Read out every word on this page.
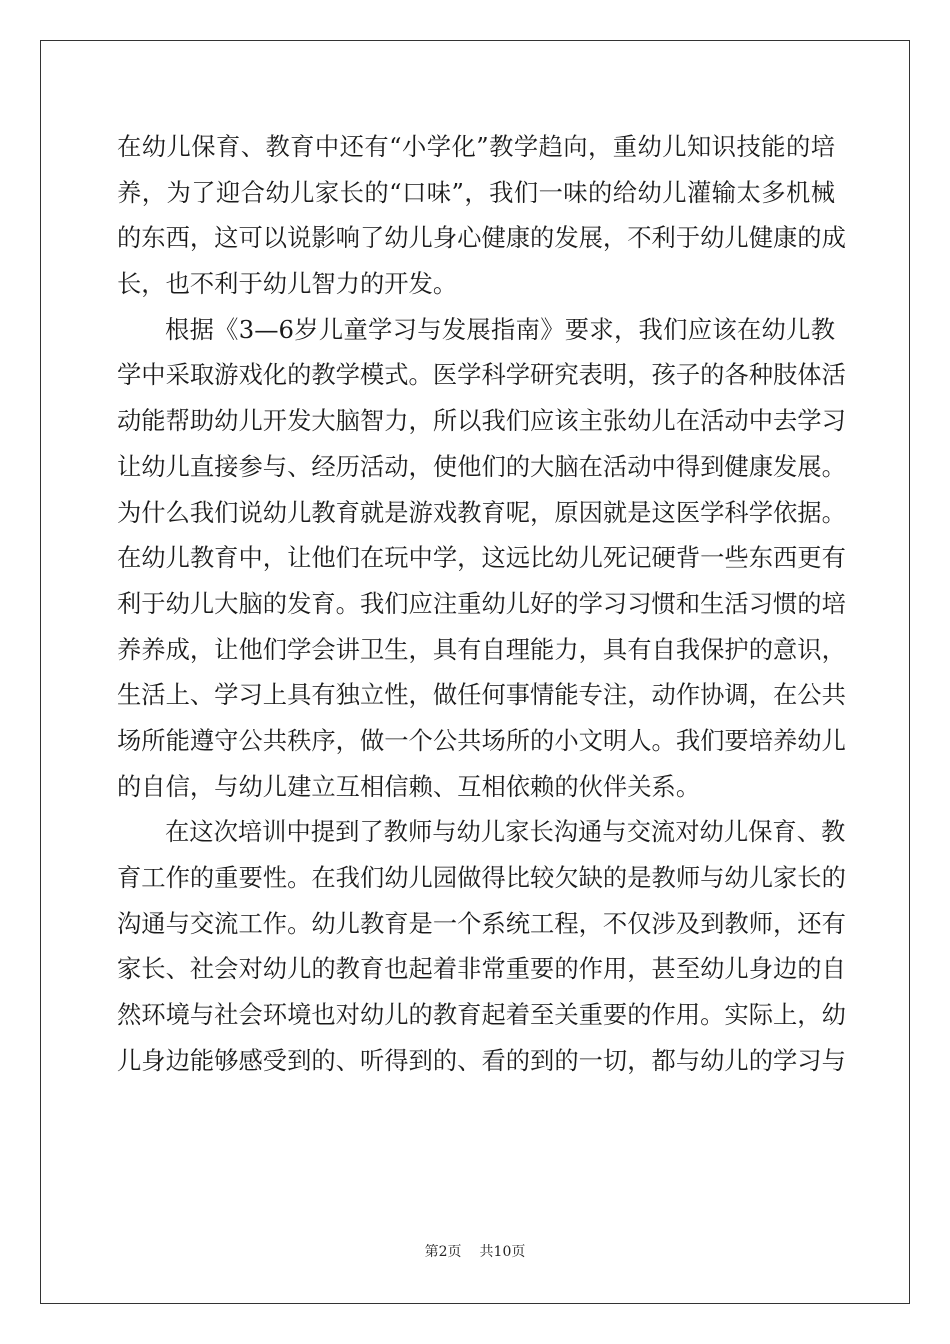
在幼儿保育、教育中还有“小学化”教学趋向，重幼儿知识技能的培
养，为了迎合幼儿家长的“口味”，我们一味的给幼儿灌输太多机械
的东西，这可以说影响了幼儿身心健康的发展，不利于幼儿健康的成
长，也不利于幼儿智力的开发。
根据《3—6岁儿童学习与发展指南》要求，我们应该在幼儿教
学中采取游戏化的教学模式。医学科学研究表明，孩子的各种肢体活
动能帮助幼儿开发大脑智力，所以我们应该主张幼儿在活动中去学习
让幼儿直接参与、经历活动，使他们的大脑在活动中得到健康发展。
为什么我们说幼儿教育就是游戏教育呢，原因就是这医学科学依据。
在幼儿教育中，让他们在玩中学，这远比幼儿死记硬背一些东西更有
利于幼儿大脑的发育。我们应注重幼儿好的学习习惯和生活习惯的培
养养成，让他们学会讲卫生，具有自理能力，具有自我保护的意识，
生活上、学习上具有独立性，做任何事情能专注，动作协调，在公共
场所能遵守公共秩序，做一个公共场所的小文明人。我们要培养幼儿
的自信，与幼儿建立互相信赖、互相依赖的伙伴关系。
在这次培训中提到了教师与幼儿家长沟通与交流对幼儿保育、教
育工作的重要性。在我们幼儿园做得比较欠缺的是教师与幼儿家长的
沟通与交流工作。幼儿教育是一个系统工程，不仅涉及到教师，还有
家长、社会对幼儿的教育也起着非常重要的作用，甚至幼儿身边的自
然环境与社会环境也对幼儿的教育起着至关重要的作用。实际上，幼
儿身边能够感受到的、听得到的、看的到的一切，都与幼儿的学习与
第2页 共10页
